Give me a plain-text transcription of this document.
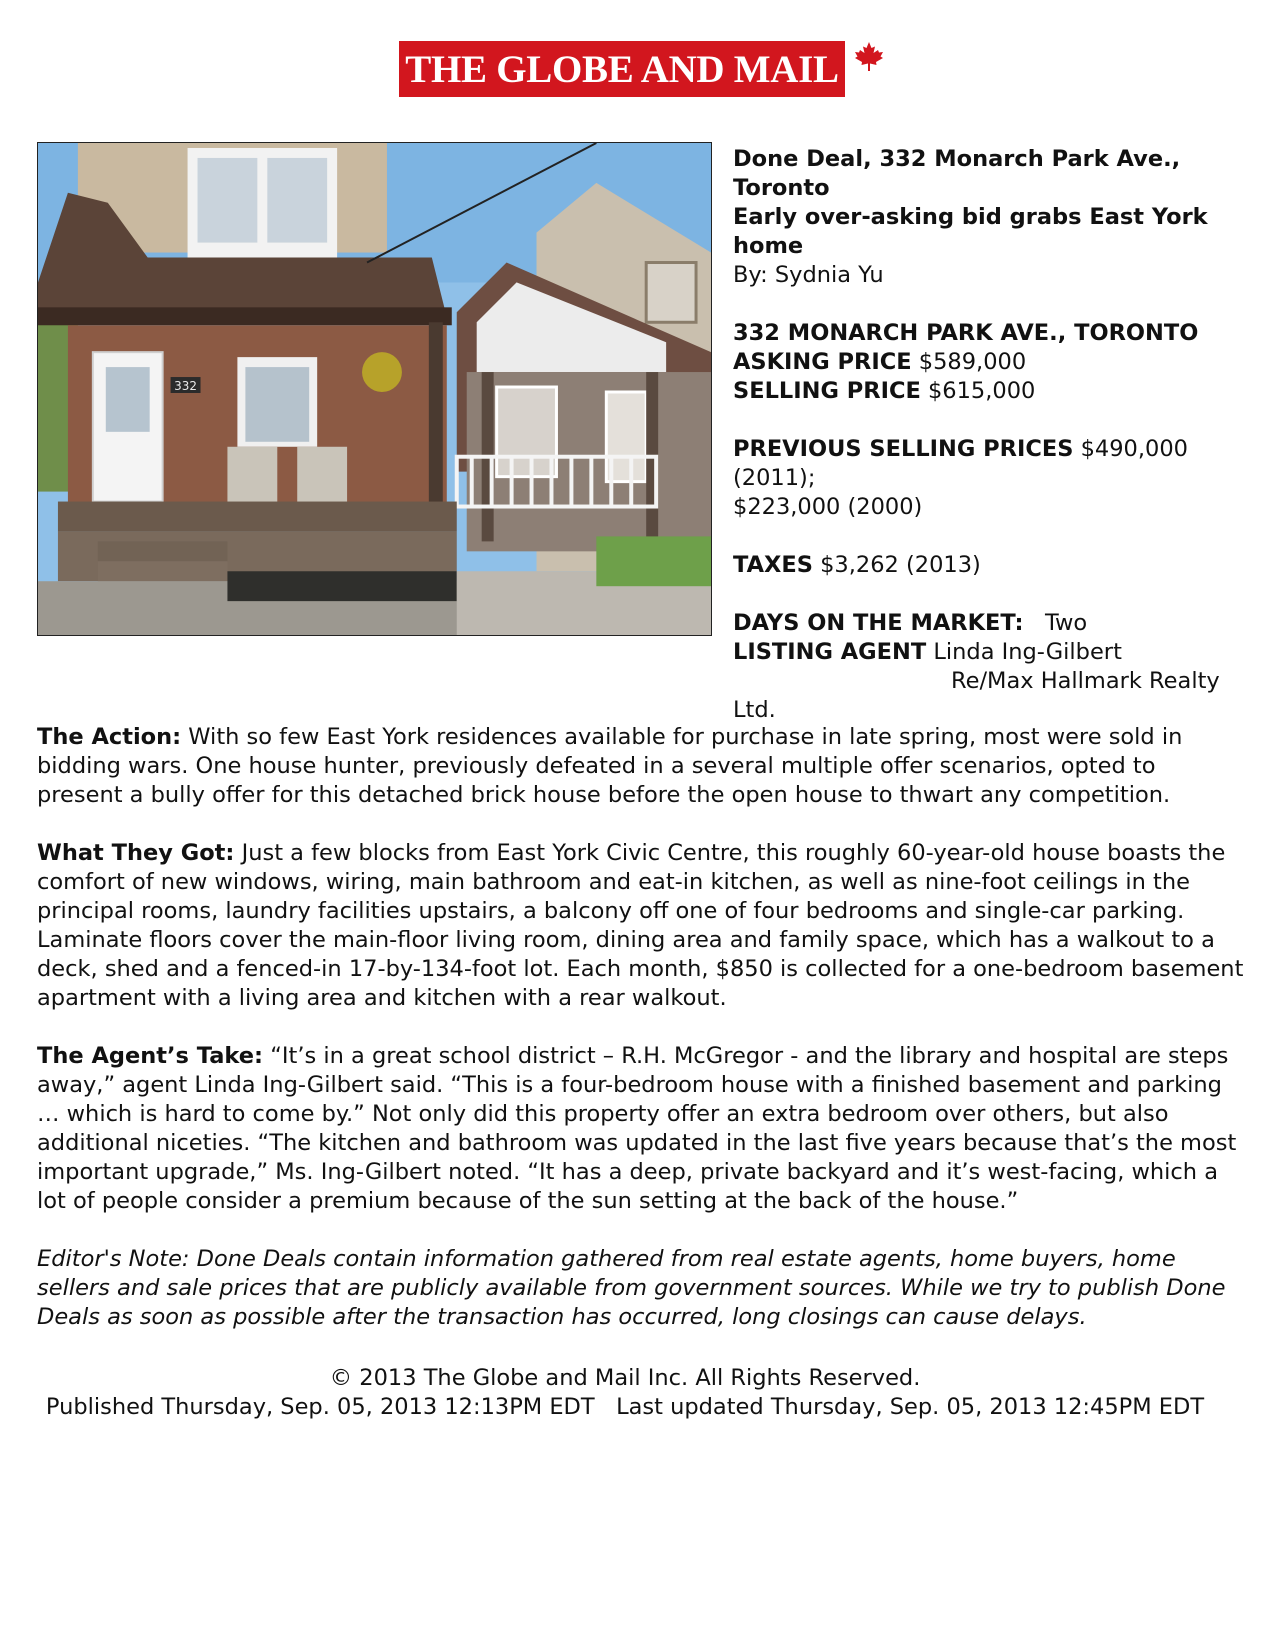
THE GLOBE AND MAIL
332

Done Deal, 332 Monarch Park Ave., Toronto

Early over-asking bid grabs East York home

By: Sydnia Yu

332 MONARCH PARK AVE., TORONTO

ASKING PRICE $589,000

SELLING PRICE $615,000

PREVIOUS SELLING PRICES $490,000 (2011);

$223,000 (2000)

TAXES $3,262 (2013)

DAYS ON THE MARKET: Two

LISTING AGENT Linda Ing-Gilbert

Re/Max Hallmark Realty

Ltd.

The Action: With so few East York residences available for purchase in late spring, most were sold in bidding wars. One house hunter, previously defeated in a several multiple offer scenarios, opted to present a bully offer for this detached brick house before the open house to thwart any competition.

What They Got: Just a few blocks from East York Civic Centre, this roughly 60-year-old house boasts the comfort of new windows, wiring, main bathroom and eat-in kitchen, as well as nine-foot ceilings in the principal rooms, laundry facilities upstairs, a balcony off one of four bedrooms and single-car parking. Laminate floors cover the main-floor living room, dining area and family space, which has a walkout to a deck, shed and a fenced-in 17-by-134-foot lot. Each month, $850 is collected for a one-bedroom basement apartment with a living area and kitchen with a rear walkout.

The Agent’s Take: “It’s in a great school district – R.H. McGregor - and the library and hospital are steps away,” agent Linda Ing-Gilbert said. “This is a four-bedroom house with a finished basement and parking … which is hard to come by.” Not only did this property offer an extra bedroom over others, but also additional niceties. “The kitchen and bathroom was updated in the last five years because that’s the most important upgrade,” Ms. Ing-Gilbert noted. “It has a deep, private backyard and it’s west-facing, which a lot of people consider a premium because of the sun setting at the back of the house.”

Editor's Note: Done Deals contain information gathered from real estate agents, home buyers, home sellers and sale prices that are publicly available from government sources. While we try to publish Done Deals as soon as possible after the transaction has occurred, long closings can cause delays.

© 2013 The Globe and Mail Inc. All Rights Reserved.
Published Thursday, Sep. 05, 2013 12:13PM EDT   Last updated Thursday, Sep. 05, 2013 12:45PM EDT
